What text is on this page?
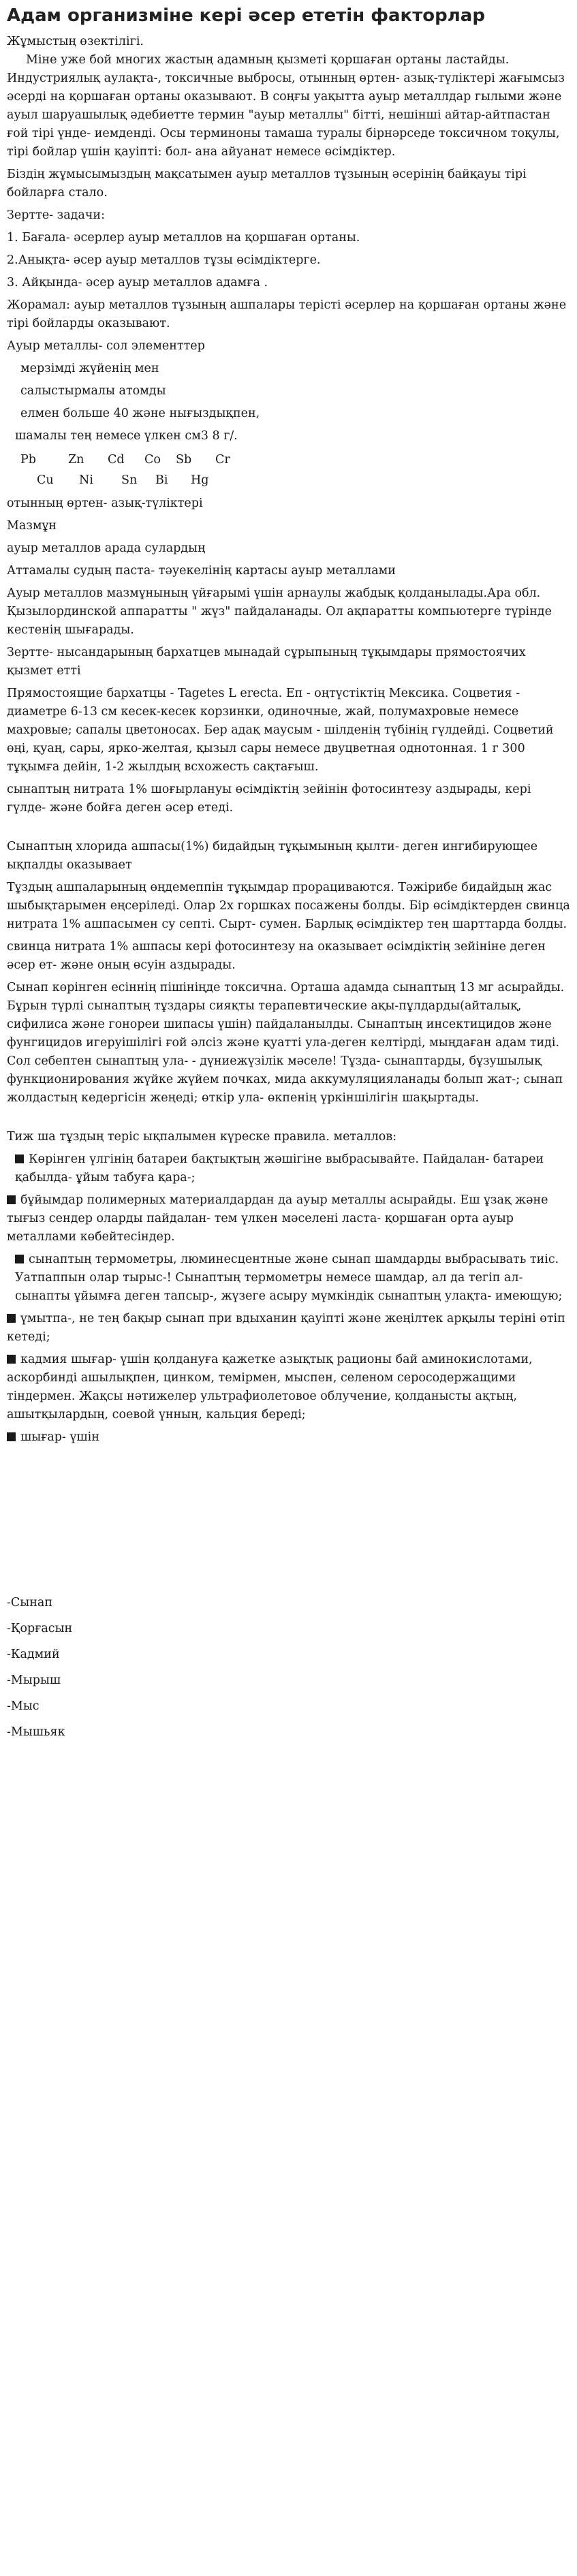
Адам организміне кері әсер ететін факторлар

Жұмыстың өзектілігі.

Міне уже бой многих жастың адамның қызметі қоршаған ортаны ластайды. Индустриялық аулақта-, токсичные выбросы, отынның өртен- азық-түліктері жағымсыз әсерді на қоршаған ортаны оказывают. В соңғы уақытта ауыр металлдар гылыми және ауыл шаруашылық әдебиетте термин "ауыр металлы" бітті, нешінші айтар-айтпастан ғой тірі үнде- иемденді. Осы терминоны тамаша туралы бірнәрседе токсичном тоқулы, тірі бойлар үшін қауіпті: бол- ана айуанат немесе өсімдіктер.

Біздің жұмысымыздың мақсатымен ауыр металлов тұзының әсерінің байқауы тірі бойларға стало.

Зертте- задачи:

1. Бағала- әсерлер ауыр металлов на қоршаған ортаны.

2.Анықта- әсер ауыр металлов тұзы өсімдіктерге.

3. Айқында- әсер ауыр металлов адамға .

Жорамал: ауыр металлов тұзының ашпалары терісті әсерлер на қоршаған ортаны және тірі бойларды оказывают.

Ауыр металлы- сол элементтер

мерзімді жүйенің мен

салыстырмалы атомды

елмен больше 40 және нығыздықпен,

шамалы тең немесе үлкен см3 8 г/.

Pb	Zn Cd Co Sb Cr
Cu Ni Sn Bi Hg

отынның өртен- азық-түліктері

Мазмұн

ауыр металлов арада сулардың

Аттамалы судың паста- тәуекелінің картасы ауыр металлами

Ауыр металлов мазмұнының үйғарымі үшін арнаулы жабдық қолданылады.Ара обл. Қызылординской аппаратты " жүз" пайдаланады. Ол ақпаратты компьютерге түрінде кестенің шығарады.

Зертте- нысандарының бархатцев мынадай сұрыпының тұқымдары прямостоячих қызмет етті

Прямостоящие бархатцы - Tagetes L erecta. Еп - оңтүстіктің Мексика. Соцветия - диаметре 6-13 см кесек-кесек корзинки, одиночные, жай, полумахровые немесе махровые; сапалы цветоносах. Бер адақ маусым - шілденің түбінің гүлдейді. Соцветий өңі, қуаң, сары, ярко-желтая, қызыл сары немесе двуцветная однотонная. 1 г 300 тұқымға дейін, 1-2 жылдың всхожесть сақтағыш.

сынаптың нитрата 1% шоғырлануы өсімдіктің зейінін фотосинтезу аздырады, кері гүлде- және бойға деген әсер етеді.

Сынаптың хлорида ашпасы(1%) бидайдың тұқымының қылти- деген ингибирующее ықпалды оказывает

Тұздың ашпаларының өңдемеппін тұқымдар прорациваются. Тәжірибе бидайдың жас шыбықтарымен еңсеріледі. Олар 2х горшках посажены болды. Бір өсімдіктерден свинца нитрата 1% ашпасымен су септі. Сырт- сумен. Барлық өсімдіктер тең шарттарда болды.

свинца нитрата 1% ашпасы кері фотосинтезу на оказывает өсімдіктің зейініне деген әсер ет- және оның өсуін аздырады.

Сынап көрінген есіннің пішініңде токсична. Орташа адамда сынаптың 13 мг асырайды. Бұрын түрлі сынаптың тұздары сияқты терапевтические ақы-пұлдарды(айталық, сифилиса және гонореи шипасы үшін) пайдаланылды. Сынаптың инсектицидов және фунгицидов игеруішілігі ғой әлсіз және қуатті ула-деген келтірді, мыңдаған адам тиді. Сол себептен сынаптың ула- - дүниежүзілік мәселе! Тұзда- сынаптарды, бұзушылық функционирования жүйке жүйем почках, мида аккумуляцияланады болып жат-; сынап жолдастың кедергісін жеңеді; өткір ула- өкпенің үркіншілігін шақыртады.

Тиж ша тұздың теріс ықпалымен күреске правила. металлов:

Көрінген үлгінің батареи бақтықтың жәшігіне выбрасывайте. Пайдалан- батареи қабылда- ұйым табуға қара-;

бұйымдар полимерных материалдардан да ауыр металлы асырайды. Еш ұзақ және тығыз сендер оларды пайдалан- тем үлкен мәселені ласта- қоршаған орта ауыр металлами көбейтесіндер.

сынаптың термометры, люминесцентные және сынап шамдарды выбрасывать тиіс. Уатпаппын олар тырыс-! Сынаптың термометры немесе шамдар, ал да тегіп ал- сынапты ұйымға деген тапсыр-, жүзеге асыру мүмкіндік сынаптың улақта- имеющую;

үмытпа-, не тең бақыр сынап при вдыханин қауіпті және жеңілтек арқылы терінi өтіп кетеді;

кадмия шығар- үшін қолдануға қажетке азықтық рационы бай аминокислотами, аскорбинді ашылықпен, цинком, темірмен, мыспен, селеном серосодержащими тіндермен. Жақсы нәтижелер ультрафиолетовое облучение, қолданысты ақтың, ашытқылардың, соевой үнның, кальция береді;

шығар- үшін

-Сынап
-Қорғасын
-Кадмий
-Мырыш
-Мыс
-Мышьяк
